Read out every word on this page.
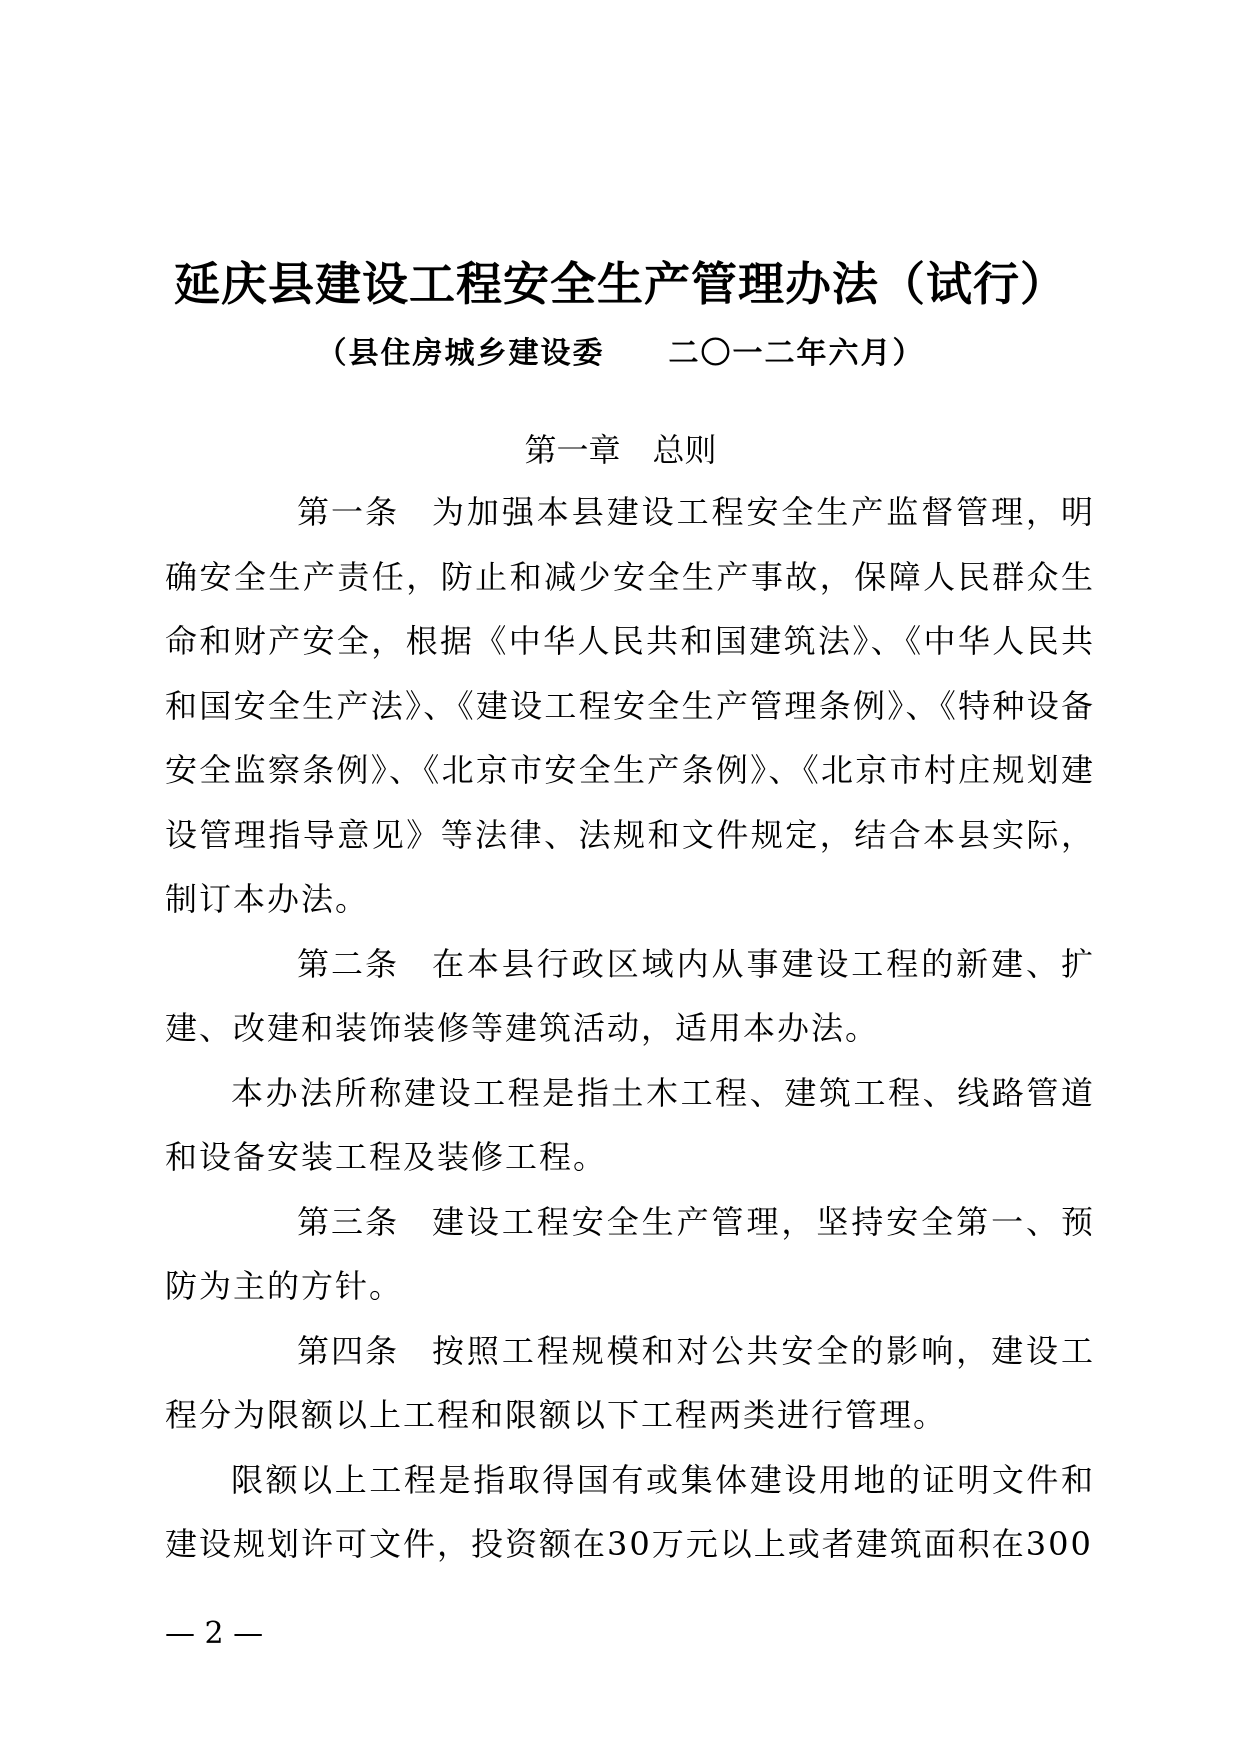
延庆县建设工程安全生产管理办法（试行）
（县住房城乡建设委　　二〇一二年六月）
第一章　总则

第一条 为加强本县建设工程安全生产监督管理，明确安全生产责任，防止和减少安全生产事故，保障人民群众生命和财产安全，根据《中华人民共和国建筑法》、《中华人民共和国安全生产法》、《建设工程安全生产管理条例》、《特种设备安全监察条例》、《北京市安全生产条例》、《北京市村庄规划建设管理指导意见》等法律、法规和文件规定，结合本县实际，制订本办法。

第二条 在本县行政区域内从事建设工程的新建、扩建、改建和装饰装修等建筑活动，适用本办法。

本办法所称建设工程是指土木工程、建筑工程、线路管道和设备安装工程及装修工程。

第三条 建设工程安全生产管理，坚持安全第一、预防为主的方针。

第四条 按照工程规模和对公共安全的影响，建设工程分为限额以上工程和限额以下工程两类进行管理。

限额以上工程是指取得国有或集体建设用地的证明文件和建设规划许可文件，投资额在30万元以上或者建筑面积在300

— 2 —
